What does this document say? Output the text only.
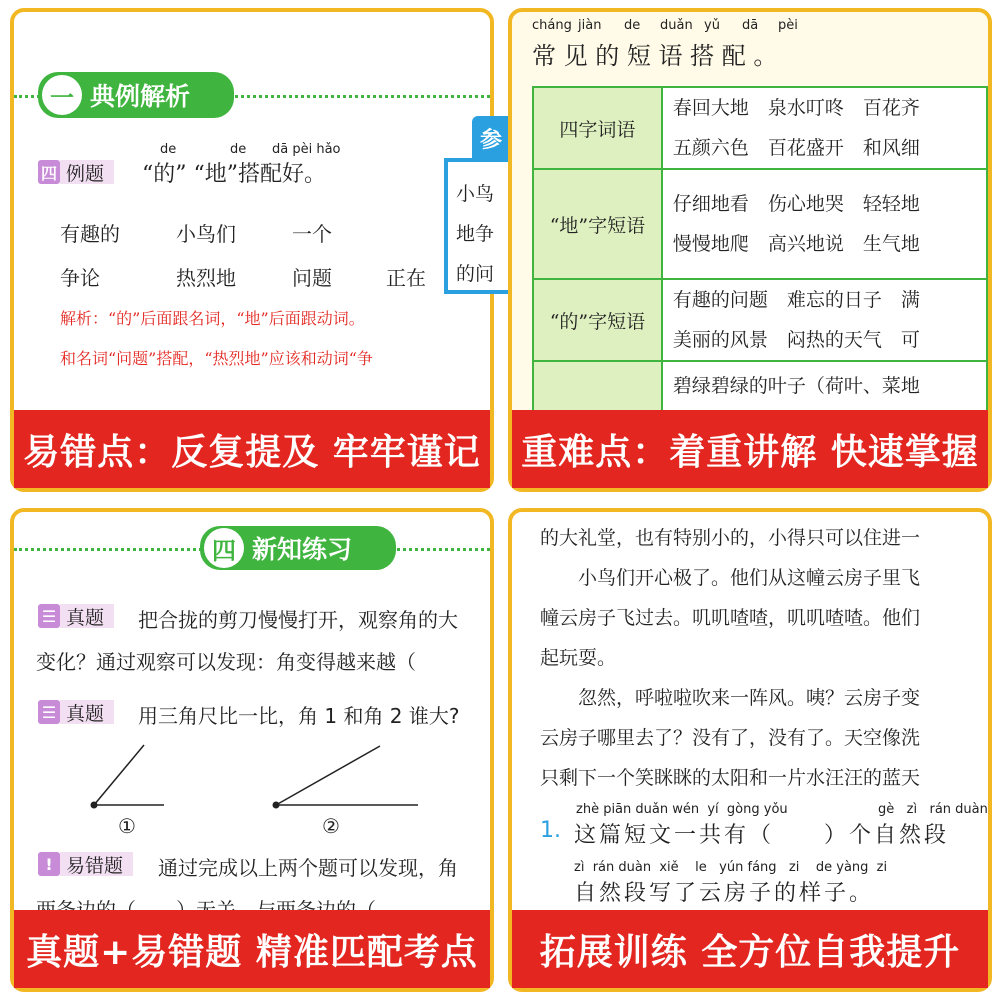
一 典例解析
四 例题
de	de dā pèi hǎo
“的” “地”搭配好。
有趣的	小鸟们	一个
争论	热烈地	问题	正在
解析：“的”后面跟名词，“地”后面跟动词。
和名词“问题”搭配，“热烈地”应该和动词“争
参
小鸟
地争
的问
易错点：反复提及 牢牢谨记
cháng jiàn de duǎn yǔ dā pèi
常 见 的 短 语 搭 配 。
四字词语	春回大地　泉水叮咚　百花齐
五颜六色　百花盛开　和风细

“地”字短语	仔细地看　伤心地哭　轻轻地
慢慢地爬　高兴地说　生气地

“的”字短语	有趣的问题　难忘的日子　满
美丽的风景　闷热的天气　可

	碧绿碧绿的叶子（荷叶、菜地
重难点：着重讲解 快速掌握
四 新知练习
☰ 真题	把合拢的剪刀慢慢打开，观察角的大
变化？通过观察可以发现：角变得越来越（
☰ 真题	用三角尺比一比，角 1 和角 2 谁大?
①	②
! 易错题	通过完成以上两个题可以发现，角
真题+易错题 精准匹配考点
的大礼堂，也有特别小的，小得只可以住进一
　　小鸟们开心极了。他们从这幢云房子里飞
幢云房子飞过去。叽叽喳喳，叽叽喳喳。他们
起玩耍。
　　忽然，呼啦啦吹来一阵风。咦？云房子变
云房子哪里去了？没有了，没有了。天空像洗
只剩下一个笑眯眯的太阳和一片水汪汪的蓝天
zhè piān duǎn wén  yí  gòng yǒu	gè   zì   rán duàn
1. 这篇短文一共有（　　）个自然段
zì  rán duàn  xiě    le   yún fáng   zi    de yàng  zi
自然段写了云房子的样子。
拓展训练 全方位自我提升
